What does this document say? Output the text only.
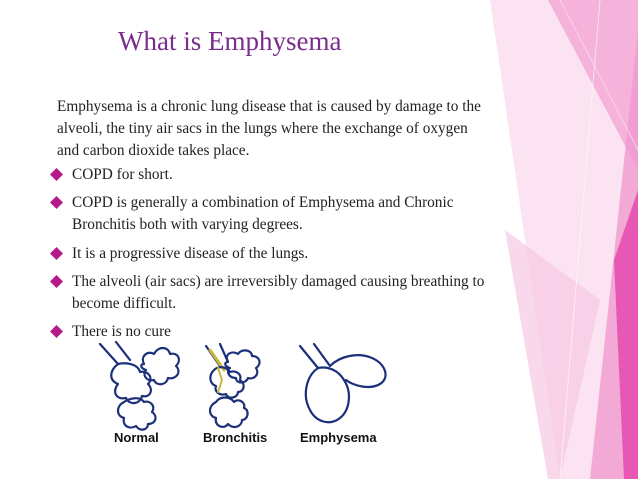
What is Emphysema
Emphysema is a chronic lung disease that is caused by damage to the alveoli, the tiny air sacs in the lungs where the exchange of oxygen and carbon dioxide takes place.
COPD for short.
COPD is generally a combination of Emphysema and Chronic Bronchitis both with varying degrees.
It is a progressive disease of the lungs.
The alveoli (air sacs) are irreversibly damaged causing breathing to become difficult.
There is no cure
Normal	Bronchitis	Emphysema
